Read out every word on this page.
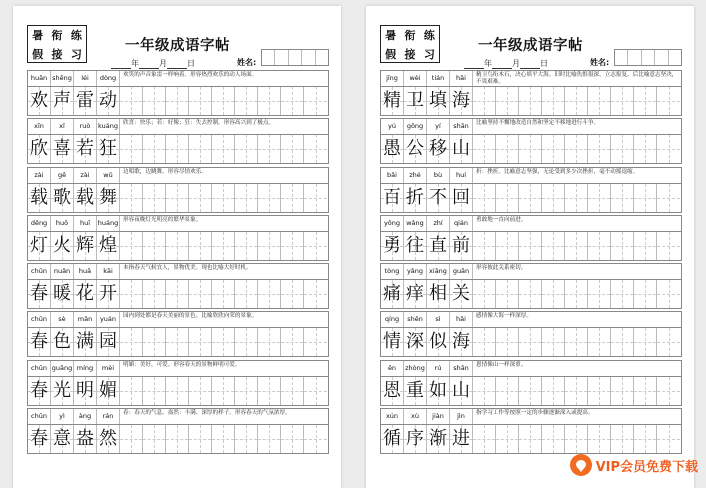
暑 衔 练
假 接 习
一年级成语字帖
年	月	日	姓名:
huān shēng	léi	dòng	欢笑的声音象雷一样响着。形容热烈欢乐的动人场面。
欢 声 雷 动
xīn	xǐ	ruò	kuáng 欣喜：快乐；若：好像；狂：失去控制。形容高兴到了极点。
欣 喜 若 狂
zài	gē	zài	wǔ	边唱歌，边跳舞。形容尽情欢乐。
载 歌 载 舞
dēng	huǒ	huī	huáng 形容夜晚灯光明亮的繁华景象。
灯 火 辉 煌
chūn	nuǎn	huā	kāi	本指春天气候宜人，景物优美。现也比喻大好时机。
春 暖 花 开
chūn	sè	mǎn	yuán	园内到处都是春天美丽的景色。比喻欣欣向荣的景象。
春 色 满 园
chūn guāng míng	mèi	明媚：美好，可爱。形容春天的景物鲜明可爱。
春 光 明 媚
chūn	yì	àng	rán	春：春天的气息。盎然：丰满、深厚的样子。形容春天的气氛浓厚。
春 意 盎 然
暑 衔 练
假 接 习
一年级成语字帖
年	月	日	姓名:
jīng	wèi	tián	hǎi	精卫鸟衔木石，决心填平大海。旧时比喻仇恨很深，立志报复。后比喻意志坚决，不畏艰难。
精 卫 填 海
yú	gōng	yí	shān	比喻坚持不懈地改造自然和坚定不移地进行斗争。
愚 公 移 山
bǎi	zhé	bù	huí	折：挫折。比喻意志坚强，无论受到多少次挫折，毫不动摇退缩。
百 折 不 回
yǒng wǎng	zhí	qián	勇敢地一直向前进。
勇 往 直 前
tòng	yǎng xiāng guān	形容彼此关系密切。
痛 痒 相 关
qíng	shēn	sì	hǎi	感情像大海一样深厚。
情 深 似 海
ēn	zhòng	rú	shān	恩情像山一样深重。
恩 重 如 山
xún	xù	jiàn	jìn	指学习工作等按照一定的步骤逐渐深入或提高。
循 序 渐 进
VIP会员免费下载
